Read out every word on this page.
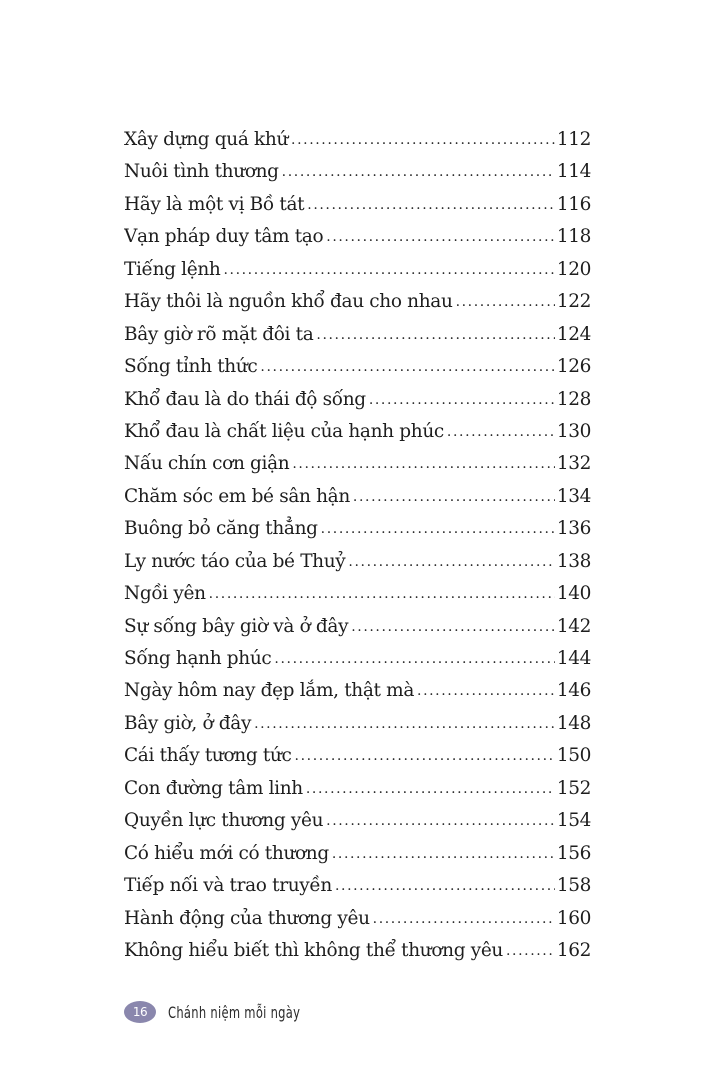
Xây dựng quá khứ .....	112
Nuôi tình thương .....	114
Hãy là một vị Bồ tát .....	116
Vạn pháp duy tâm tạo .....	118
Tiếng lệnh .....	120
Hãy thôi là nguồn khổ đau cho nhau .....	122
Bây giờ rõ mặt đôi ta .....	124
Sống tỉnh thức .....	126
Khổ đau là do thái độ sống .....	128
Khổ đau là chất liệu của hạnh phúc .....	130
Nấu chín cơn giận .....	132
Chăm sóc em bé sân hận .....	134
Buông bỏ căng thẳng .....	136
Ly nước táo của bé Thuỷ .....	138
Ngồi yên .....	140
Sự sống bây giờ và ở đây .....	142
Sống hạnh phúc .....	144
Ngày hôm nay đẹp lắm, thật mà .....	146
Bây giờ, ở đây .....	148
Cái thấy tương tức .....	150
Con đường tâm linh .....	152
Quyền lực thương yêu .....	154
Có hiểu mới có thương .....	156
Tiếp nối và trao truyền .....	158
Hành động của thương yêu .....	160
Không hiểu biết thì không thể thương yêu .....	162
16	Chánh niệm mỗi ngày
